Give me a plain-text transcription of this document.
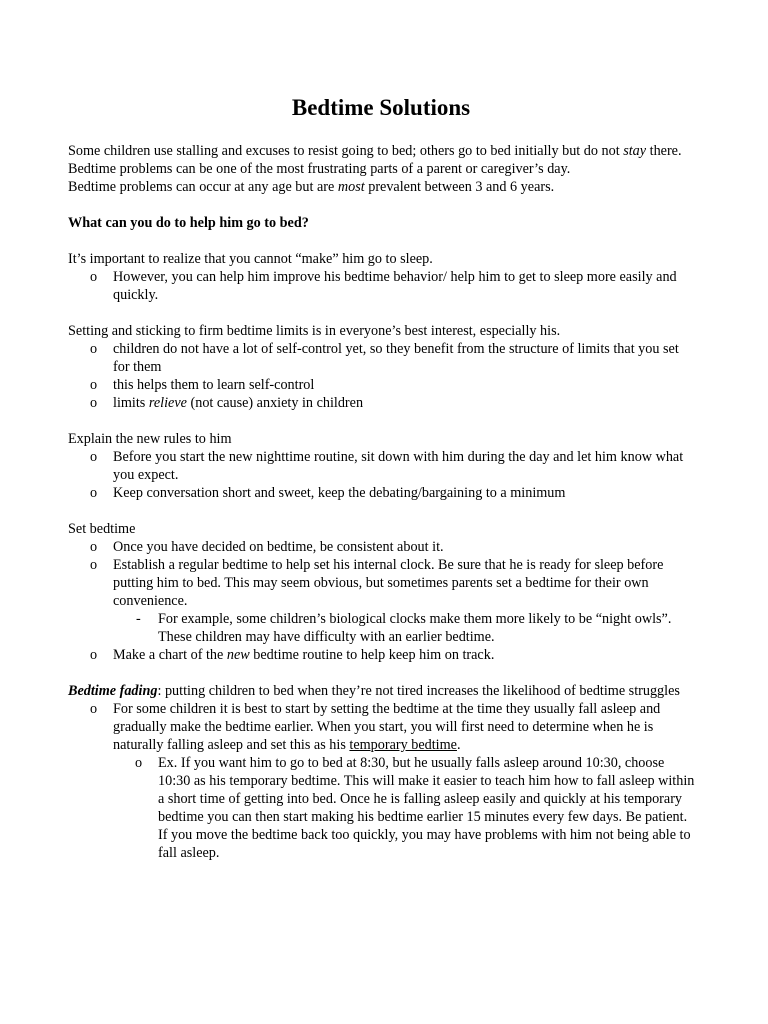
Bedtime Solutions

Some children use stalling and excuses to resist going to bed; others go to bed initially but do not stay there.

Bedtime problems can be one of the most frustrating parts of a parent or caregiver’s day.

Bedtime problems can occur at any age but are most prevalent between 3 and 6 years.

What can you do to help him go to bed?

It’s important to realize that you cannot “make” him go to sleep.

o However, you can help him improve his bedtime behavior/ help him to get to sleep more easily and quickly.

Setting and sticking to firm bedtime limits is in everyone’s best interest, especially his.

o children do not have a lot of self-control yet, so they benefit from the structure of limits that you set for them
o this helps them to learn self-control
o limits relieve (not cause) anxiety in children

Explain the new rules to him

o Before you start the new nighttime routine, sit down with him during the day and let him know what you expect.
o Keep conversation short and sweet, keep the debating/bargaining to a minimum

Set bedtime

o Once you have decided on bedtime, be consistent about it.
o Establish a regular bedtime to help set his internal clock. Be sure that he is ready for sleep before putting him to bed. This may seem obvious, but sometimes parents set a bedtime for their own convenience.
- For example, some children’s biological clocks make them more likely to be “night owls”. These children may have difficulty with an earlier bedtime.
o Make a chart of the new bedtime routine to help keep him on track.

Bedtime fading: putting children to bed when they’re not tired increases the likelihood of bedtime struggles

o For some children it is best to start by setting the bedtime at the time they usually fall asleep and gradually make the bedtime earlier. When you start, you will first need to determine when he is naturally falling asleep and set this as his temporary bedtime.
o Ex. If you want him to go to bed at 8:30, but he usually falls asleep around 10:30, choose 10:30 as his temporary bedtime. This will make it easier to teach him how to fall asleep within a short time of getting into bed. Once he is falling asleep easily and quickly at his temporary bedtime you can then start making his bedtime earlier 15 minutes every few days. Be patient. If you move the bedtime back too quickly, you may have problems with him not being able to fall asleep.
